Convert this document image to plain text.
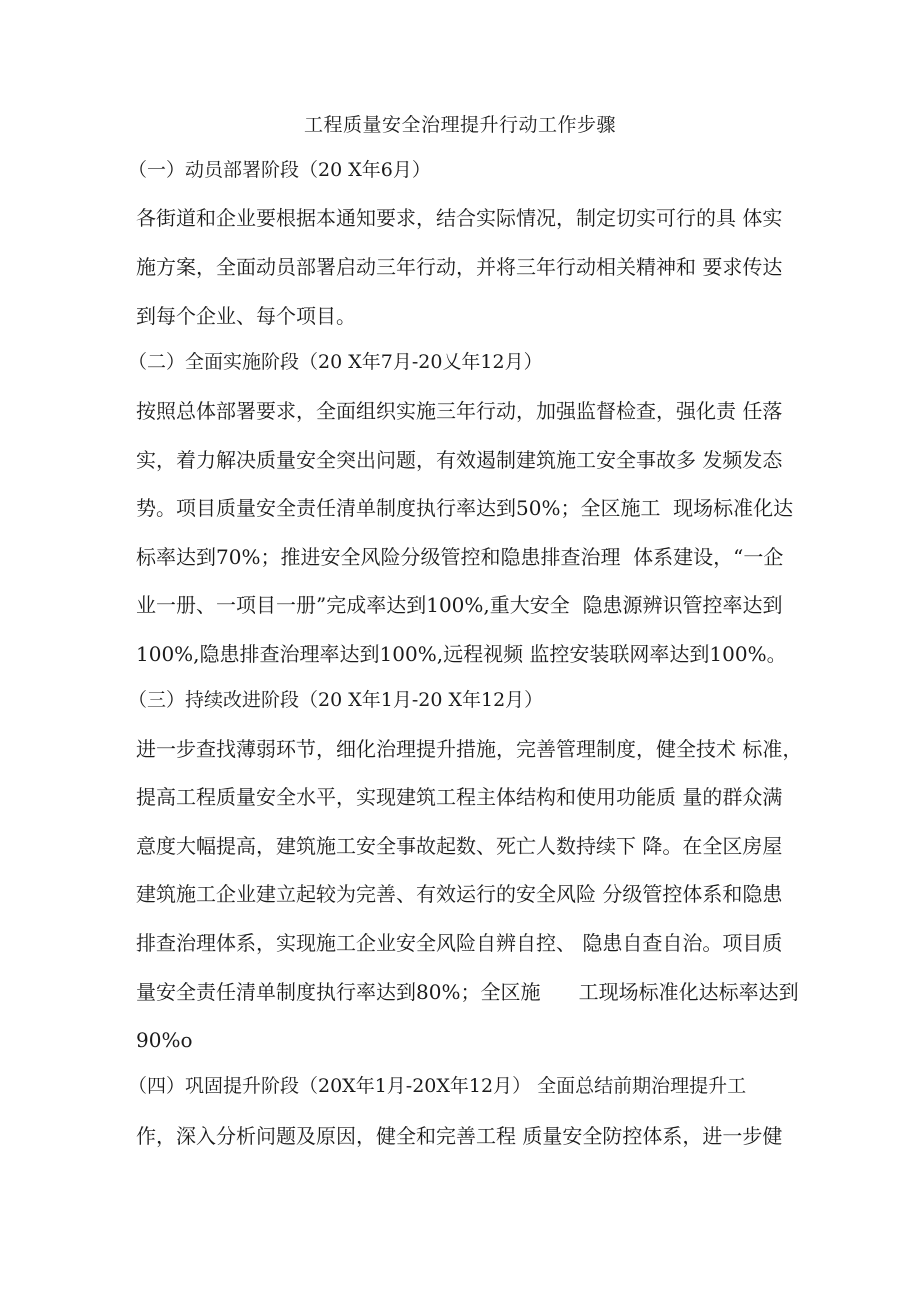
工程质量安全治理提升行动工作步骤
（一）动员部署阶段（20 X年6月）
各街道和企业要根据本通知要求，结合实际情况，制定切实可行的具 体实
施方案，全面动员部署启动三年行动，并将三年行动相关精神和 要求传达
到每个企业、每个项目。
（二）全面实施阶段（20 X年7月-20乂年12月）
按照总体部署要求，全面组织实施三年行动，加强监督检查，强化责 任落
实，着力解决质量安全突出问题，有效遏制建筑施工安全事故多 发频发态
势。项目质量安全责任清单制度执行率达到50%；全区施工  现场标准化达
标率达到70%；推进安全风险分级管控和隐患排查治理  体系建设，“一企
业一册、一项目一册”完成率达到100%,重大安全  隐患源辨识管控率达到
100%,隐患排查治理率达到100%,远程视频 监控安装联网率达到100%。
（三）持续改进阶段（20 X年1月-20 X年12月）
进一步查找薄弱环节，细化治理提升措施，完善管理制度，健全技术 标准，
提高工程质量安全水平，实现建筑工程主体结构和使用功能质 量的群众满
意度大幅提高，建筑施工安全事故起数、死亡人数持续下 降。在全区房屋
建筑施工企业建立起较为完善、有效运行的安全风险 分级管控体系和隐患
排查治理体系，实现施工企业安全风险自辨自控、 隐患自查自治。项目质
量安全责任清单制度执行率达到80%；全区施      工现场标准化达标率达到
90%o
（四）巩固提升阶段（20X年1月-20X年12月） 全面总结前期治理提升工
作，深入分析问题及原因，健全和完善工程 质量安全防控体系，进一步健
